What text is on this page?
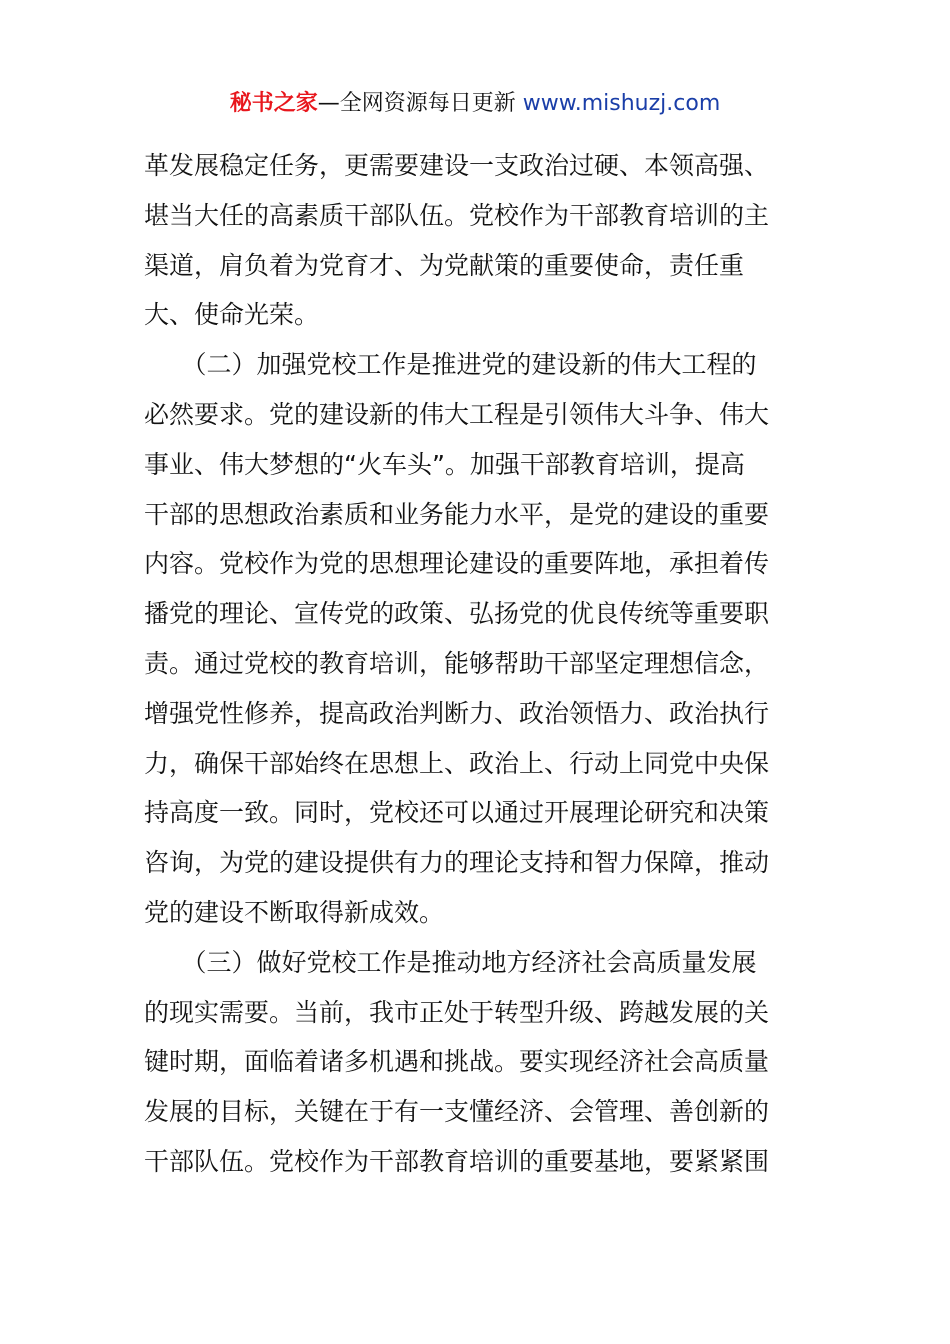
秘书之家—全网资源每日更新 www.mishuzj.com
革发展稳定任务，更需要建设一支政治过硬、本领高强、
堪当大任的高素质干部队伍。党校作为干部教育培训的主
渠道，肩负着为党育才、为党献策的重要使命，责任重
大、使命光荣。
　　（二）加强党校工作是推进党的建设新的伟大工程的
必然要求。党的建设新的伟大工程是引领伟大斗争、伟大
事业、伟大梦想的“火车头”。加强干部教育培训，提高
干部的思想政治素质和业务能力水平，是党的建设的重要
内容。党校作为党的思想理论建设的重要阵地，承担着传
播党的理论、宣传党的政策、弘扬党的优良传统等重要职
责。通过党校的教育培训，能够帮助干部坚定理想信念，
增强党性修养，提高政治判断力、政治领悟力、政治执行
力，确保干部始终在思想上、政治上、行动上同党中央保
持高度一致。同时，党校还可以通过开展理论研究和决策
咨询，为党的建设提供有力的理论支持和智力保障，推动
党的建设不断取得新成效。
　　（三）做好党校工作是推动地方经济社会高质量发展
的现实需要。当前，我市正处于转型升级、跨越发展的关
键时期，面临着诸多机遇和挑战。要实现经济社会高质量
发展的目标，关键在于有一支懂经济、会管理、善创新的
干部队伍。党校作为干部教育培训的重要基地，要紧紧围
